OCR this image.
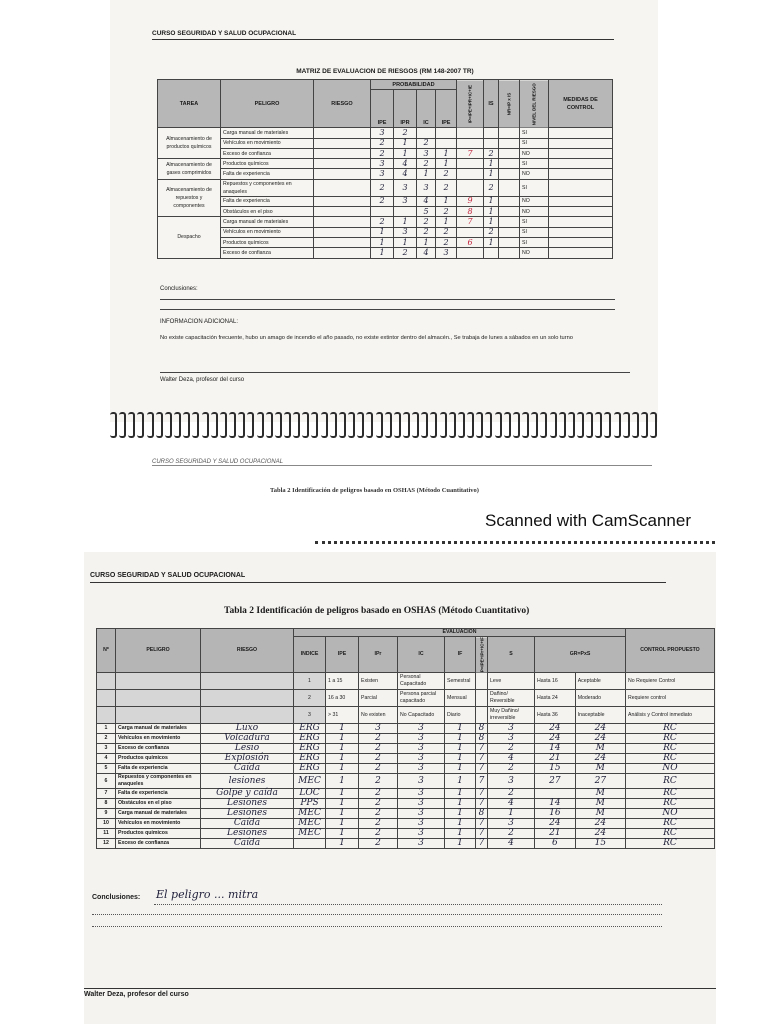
CURSO SEGURIDAD Y SALUD OCUPACIONAL
MATRIZ DE EVALUACION DE RIESGOS (RM 148-2007 TR)
TAREA	PELIGRO	RIESGO	PROBABILIDAD				IP=IPE+IPR+IC+IE	IS	NR=IP x IS	NIVEL DEL RIESGO	MEDIDAS DE CONTROL
			IPE	IPR	IC	IPE					
Almacenamiento de productos químicos	Carga manual de materiales		3	2						SI	
	Vehículos en movimiento		2	1	2					SI	
	Exceso de confianza		2	1	3	1	7	2		NO	
Almacenamiento de gases comprimidos	Productos químicos		3	4	2	1		1		SI	
	Falta de experiencia		3	4	1	2		1		NO	
Almacenamiento de repuestos y componentes	Repuestos y componentes en anaqueles		2	3	3	2		2		SI	
	Falta de experiencia		2	3	4	1	9	1		NO	
	Obstáculos en el piso				5	2	8	1		NO	
Despacho	Carga manual de materiales		2	1	2	1	7	1		SI	
	Vehículos en movimiento		1	3	2	2		2		SI	
	Productos químicos		1	1	1	2	6	1		SI	
	Exceso de confianza		1	2	4	3				NO	
Conclusiones:
INFORMACION ADICIONAL:
No existe capacitación frecuente, hubo un amago de incendio el año pasado, no existe extintor dentro del almacén., Se trabaja de lunes a sábados en un solo turno
Walter Deza, profesor del curso
CURSO SEGURIDAD Y SALUD OCUPACIONAL
Tabla 2 Identificación de peligros basado en OSHAS (Método Cuantitativo)
Scanned with CamScanner
CURSO SEGURIDAD Y SALUD OCUPACIONAL
Tabla 2 Identificación de peligros basado en OSHAS (Método Cuantitativo)
Nº	PELIGRO	RIESGO	EVALUACION									CONTROL PROPUESTO
			INDICE	IPE	IPr	IC	IF	P=IPE+IPr+IC+IF	S	GR=PxS		
			1	1 a 15	Existen	Personal Capacitado	Semestral		Leve	Hasta 16	Aceptable	No Requiere Control
			2	16 a 30	Parcial	Persona parcial capacitado	Mensual		Dañino/ Reversible	Hasta 24	Moderado	Requiere control
			3	> 31	No existen	No Capacitado	Diario		Muy Dañino/ irreversible	Hasta 36	Inaceptable	Análisis y Control inmediato
1	Carga manual de materiales	Luxo	ERG	1	3	3	1	8	3	24	24	RC
2	Vehículos en movimiento	Volcadura	ERG	1	2	3	1	8	3	24	24	RC
3	Exceso de confianza	Lesio	ERG	1	2	3	1	7	2	14	M	RC
4	Productos químicos	Explosión	ERG	1	2	3	1	7	4	21	24	RC
5	Falta de experiencia	Caída	ERG	1	2	3	1	7	2	15	M	NO
6	Repuestos y componentes en anaqueles	lesiones	MEC	1	2	3	1	7	3	27	27	RC
7	Falta de experiencia	Golpe y caída	LOC	1	2	3	1	7	2		M	RC
8	Obstáculos en el piso	Lesiones	PPS	1	2	3	1	7	4	14	M	RC
9	Carga manual de materiales	Lesiones	MEC	1	2	3	1	8	1	16	M	NO
10	Vehículos en movimiento	Caída	MEC	1	2	3	1	7	3	24	24	RC
11	Productos químicos	Lesiones	MEC	1	2	3	1	7	2	21	24	RC
12	Exceso de confianza	Caída		1	2	3	1	7	4	6	15	RC
Conclusiones: El peligro ... mitra
Walter Deza, profesor del curso
